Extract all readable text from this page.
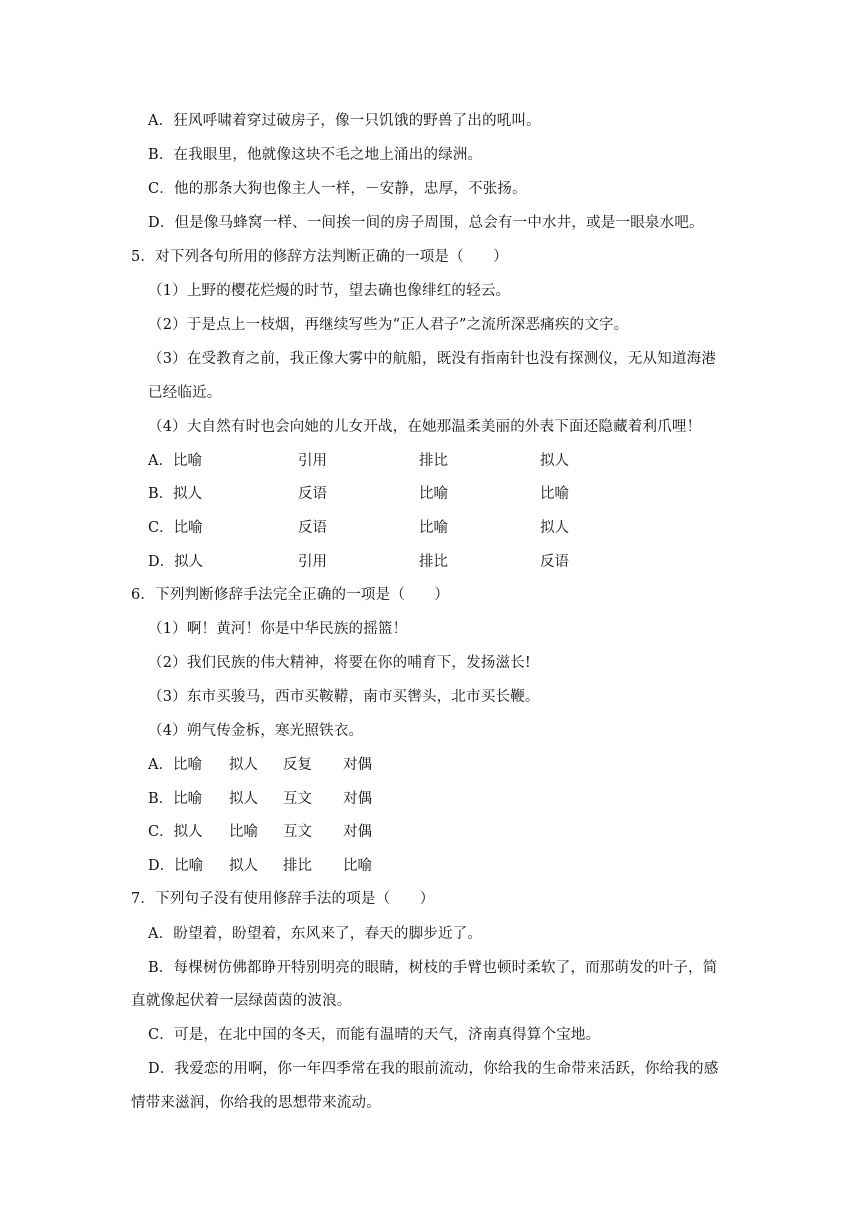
A．狂风呼啸着穿过破房子，像一只饥饿的野兽了出的吼叫。
B．在我眼里，他就像这块不毛之地上涌出的绿洲。
C．他的那条大狗也像主人一样，－安静，忠厚，不张扬。
D．但是像马蜂窝一样、一间挨一间的房子周围，总会有一中水井，或是一眼泉水吧。
5．对下列各句所用的修辞方法判断正确的一项是（　　）
（1）上野的樱花烂熳的时节，望去确也像绯红的轻云。
（2）于是点上一枝烟，再继续写些为“正人君子”之流所深恶痛疾的文字。
（3）在受教育之前，我正像大雾中的航船，既没有指南针也没有探测仪，无从知道海港
已经临近。
（4）大自然有时也会向她的儿女开战，在她那温柔美丽的外表下面还隐藏着利爪哩！
A．比喻	引用	排比	拟人
B．拟人	反语	比喻	比喻
C．比喻	反语	比喻	拟人
D．拟人	引用	排比	反语
6．下列判断修辞手法完全正确的一项是（　　）
（1）啊！黄河！你是中华民族的摇篮！
（2）我们民族的伟大精神，将要在你的哺育下，发扬滋长!
（3）东市买骏马，西市买鞍鞯，南市买辔头，北市买长鞭。
（4）朔气传金柝，寒光照铁衣。
A．比喻 拟人 反复 对偶
B．比喻 拟人 互文 对偶
C．拟人 比喻 互文 对偶
D．比喻 拟人 排比 比喻
7．下列句子没有使用修辞手法的项是（　　）
A．盼望着，盼望着，东风来了，春天的脚步近了。
B．每棵树仿佛都睁开特别明亮的眼睛，树枝的手臂也顿时柔软了，而那萌发的叶子，简
直就像起伏着一层绿茵茵的波浪。
C．可是，在北中国的冬天，而能有温晴的天气，济南真得算个宝地。
D．我爱恋的用啊，你一年四季常在我的眼前流动，你给我的生命带来活跃，你给我的感
情带来滋润，你给我的思想带来流动。
